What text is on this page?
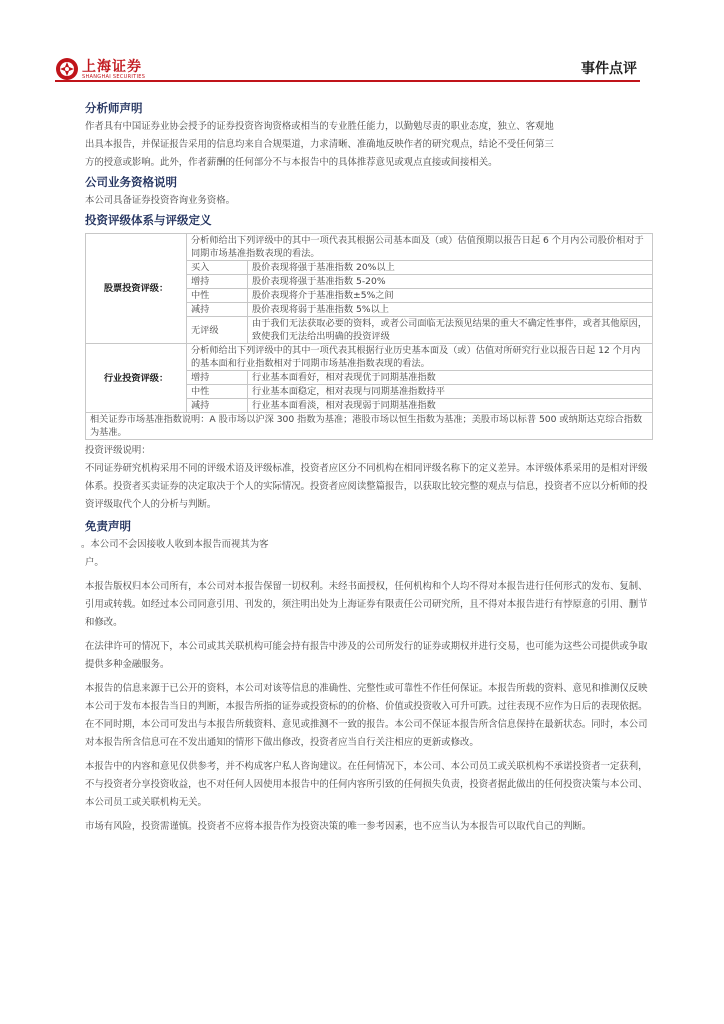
上海证券
SHANGHAI SECURITIES	事件点评

分析师声明

作者具有中国证券业协会授予的证券投资咨询资格或相当的专业胜任能力，以勤勉尽责的职业态度，独立、客观地

出具本报告，并保证报告采用的信息均来自合规渠道，力求清晰、准确地反映作者的研究观点，结论不受任何第三

方的授意或影响。此外，作者薪酬的任何部分不与本报告中的具体推荐意见或观点直接或间接相关。

公司业务资格说明

本公司具备证券投资咨询业务资格。

投资评级体系与评级定义

股票投资评级：	分析师给出下列评级中的其中一项代表其根据公司基本面及（或）估值预期以报告日起 6 个月内公司股价相对于同期市场基准指数表现的看法。	
	买入	股价表现将强于基准指数 20%以上
	增持	股价表现将强于基准指数 5-20%
	中性	股价表现将介于基准指数±5%之间
	减持	股价表现将弱于基准指数 5%以上
	无评级	由于我们无法获取必要的资料，或者公司面临无法预见结果的重大不确定性事件，或者其他原因，致使我们无法给出明确的投资评级
行业投资评级：	分析师给出下列评级中的其中一项代表其根据行业历史基本面及（或）估值对所研究行业以报告日起 12 个月内的基本面和行业指数相对于同期市场基准指数表现的看法。	
	增持	行业基本面看好，相对表现优于同期基准指数
	中性	行业基本面稳定，相对表现与同期基准指数持平
	减持	行业基本面看淡，相对表现弱于同期基准指数
相关证券市场基准指数说明：A 股市场以沪深 300 指数为基准；港股市场以恒生指数为基准；美股市场以标普 500 或纳斯达克综合指数为基准。		

投资评级说明：

不同证券研究机构采用不同的评级术语及评级标准，投资者应区分不同机构在相同评级名称下的定义差异。本评级体系采用的是相对评级体系。投资者买卖证券的决定取决于个人的实际情况。投资者应阅读整篇报告，以获取比较完整的观点与信息，投资者不应以分析师的投资评级取代个人的分析与判断。

免责声明

。本公司不会因接收人收到本报告而视其为客

户。

本报告版权归本公司所有，本公司对本报告保留一切权利。未经书面授权，任何机构和个人均不得对本报告进行任何形式的发布、复制、引用或转载。如经过本公司同意引用、刊发的，须注明出处为上海证券有限责任公司研究所，且不得对本报告进行有悖原意的引用、删节和修改。

在法律许可的情况下，本公司或其关联机构可能会持有报告中涉及的公司所发行的证券或期权并进行交易，也可能为这些公司提供或争取提供多种金融服务。

本报告的信息来源于已公开的资料，本公司对该等信息的准确性、完整性或可靠性不作任何保证。本报告所载的资料、意见和推测仅反映本公司于发布本报告当日的判断，本报告所指的证券或投资标的的价格、价值或投资收入可升可跌。过往表现不应作为日后的表现依据。在不同时期，本公司可发出与本报告所载资料、意见或推测不一致的报告。本公司不保证本报告所含信息保持在最新状态。同时，本公司对本报告所含信息可在不发出通知的情形下做出修改，投资者应当自行关注相应的更新或修改。

本报告中的内容和意见仅供参考，并不构成客户私人咨询建议。在任何情况下，本公司、本公司员工或关联机构不承诺投资者一定获利，不与投资者分享投资收益，也不对任何人因使用本报告中的任何内容所引致的任何损失负责，投资者据此做出的任何投资决策与本公司、本公司员工或关联机构无关。

市场有风险，投资需谨慎。投资者不应将本报告作为投资决策的唯一参考因素，也不应当认为本报告可以取代自己的判断。
